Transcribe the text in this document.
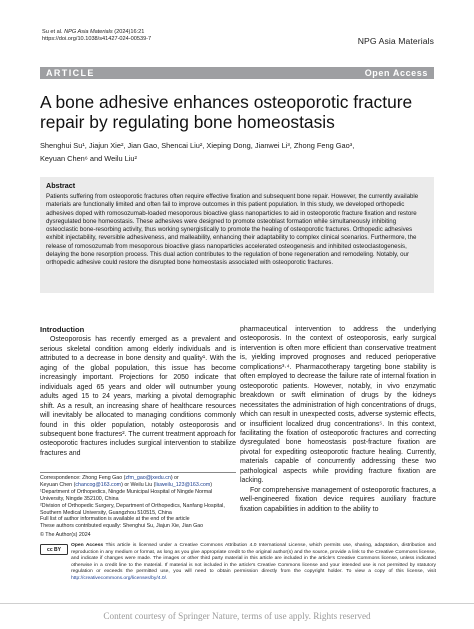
Su et al. NPG Asia Materials (2024)16:21
https://doi.org/10.1038/s41427-024-00539-7	NPG Asia Materials
ARTICLE	Open Access
A bone adhesive enhances osteoporotic fracture repair by regulating bone homeostasis
Shenghui Su¹, Jiajun Xie², Jian Gao, Shencai Liu², Xieping Dong, Jianwei Li³, Zhong Feng Gao³,
Keyuan Chen⁶ and Weilu Liu²
Abstract

Patients suffering from osteoporotic fractures often require effective fixation and subsequent bone repair. However, the currently available materials are functionally limited and often fail to improve outcomes in this patient population. In this study, we developed orthopedic adhesives doped with romosozumab-loaded mesoporous bioactive glass nanoparticles to aid in osteoporotic fracture fixation and restore dysregulated bone homeostasis. These adhesives were designed to promote osteoblast formation while simultaneously inhibiting osteoclastic bone-resorbing activity, thus working synergistically to promote the healing of osteoporotic fractures. Orthopedic adhesives exhibit injectability, reversible adhesiveness, and malleability, enhancing their adaptability to complex clinical scenarios. Furthermore, the release of romosozumab from mesoporous bioactive glass nanoparticles accelerated osteogenesis and inhibited osteoclastogenesis, delaying the bone resorption process. This dual action contributes to the regulation of bone regeneration and remodeling. Notably, our orthopedic adhesive could restore the disrupted bone homeostasis associated with osteoporotic fractures.

Introduction

Osteoporosis has recently emerged as a prevalent and serious skeletal condition among elderly individuals and is attributed to a decrease in bone density and quality¹. With the aging of the global population, this issue has become increasingly important. Projections for 2050 indicate that individuals aged 65 years and older will outnumber young adults aged 15 to 24 years, marking a pivotal demographic shift. As a result, an increasing share of healthcare resources will inevitably be allocated to managing conditions commonly found in this older population, notably osteoporosis and subsequent bone fractures². The current treatment approach for osteoporotic fractures includes surgical intervention to stabilize fractures and

pharmaceutical intervention to address the underlying osteoporosis. In the context of osteoporosis, early surgical intervention is often more efficient than conservative treatment is, yielding improved prognoses and reduced perioperative complications³·⁴. Pharmacotherapy targeting bone stability is often employed to decrease the failure rate of internal fixation in osteoporotic patients. However, notably, in vivo enzymatic breakdown or swift elimination of drugs by the kidneys necessitates the administration of high concentrations of drugs, which can result in unexpected costs, adverse systemic effects, or insufficient localized drug concentrations⁵. In this context, facilitating the fixation of osteoporotic fractures and correcting dysregulated bone homeostasis post-fracture fixation are pivotal for expediting osteoporotic fracture healing. Currently, materials capable of concurrently addressing these two pathological aspects while providing fracture fixation are lacking.

For comprehensive management of osteoporotic fractures, a well-engineered fixation device requires auxiliary fracture fixation capabilities in addition to the ability to

Correspondence: Zhong Feng Gao (zfm_gao@jxedu.cn) or
Keyuan Chen (chancog@163.com) or Weilu Liu (liuweilu_123@163.com)
¹Department of Orthopedics, Ningde Municipal Hospital of Ningde Normal University, Ningde 352100, China
²Division of Orthopedic Surgery, Department of Orthopedics, Nanfang Hospital, Southern Medical University, Guangzhou 510515, China
Full list of author information is available at the end of the article
These authors contributed equally: Shenghui Su, Jiajun Xie, Jian Gao
© The Author(s) 2024
cc BY

Open Access This article is licensed under a Creative Commons Attribution 4.0 International License, which permits use, sharing, adaptation, distribution and reproduction in any medium or format, as long as you give appropriate credit to the original author(s) and the source, provide a link to the Creative Commons license, and indicate if changes were made. The images or other third party material in this article are included in the article's Creative Commons license, unless indicated otherwise in a credit line to the material. If material is not included in the article's Creative Commons license and your intended use is not permitted by statutory regulation or exceeds the permitted use, you will need to obtain permission directly from the copyright holder. To view a copy of this license, visit http://creativecommons.org/licenses/by/4.0/.

Content courtesy of Springer Nature, terms of use apply. Rights reserved
